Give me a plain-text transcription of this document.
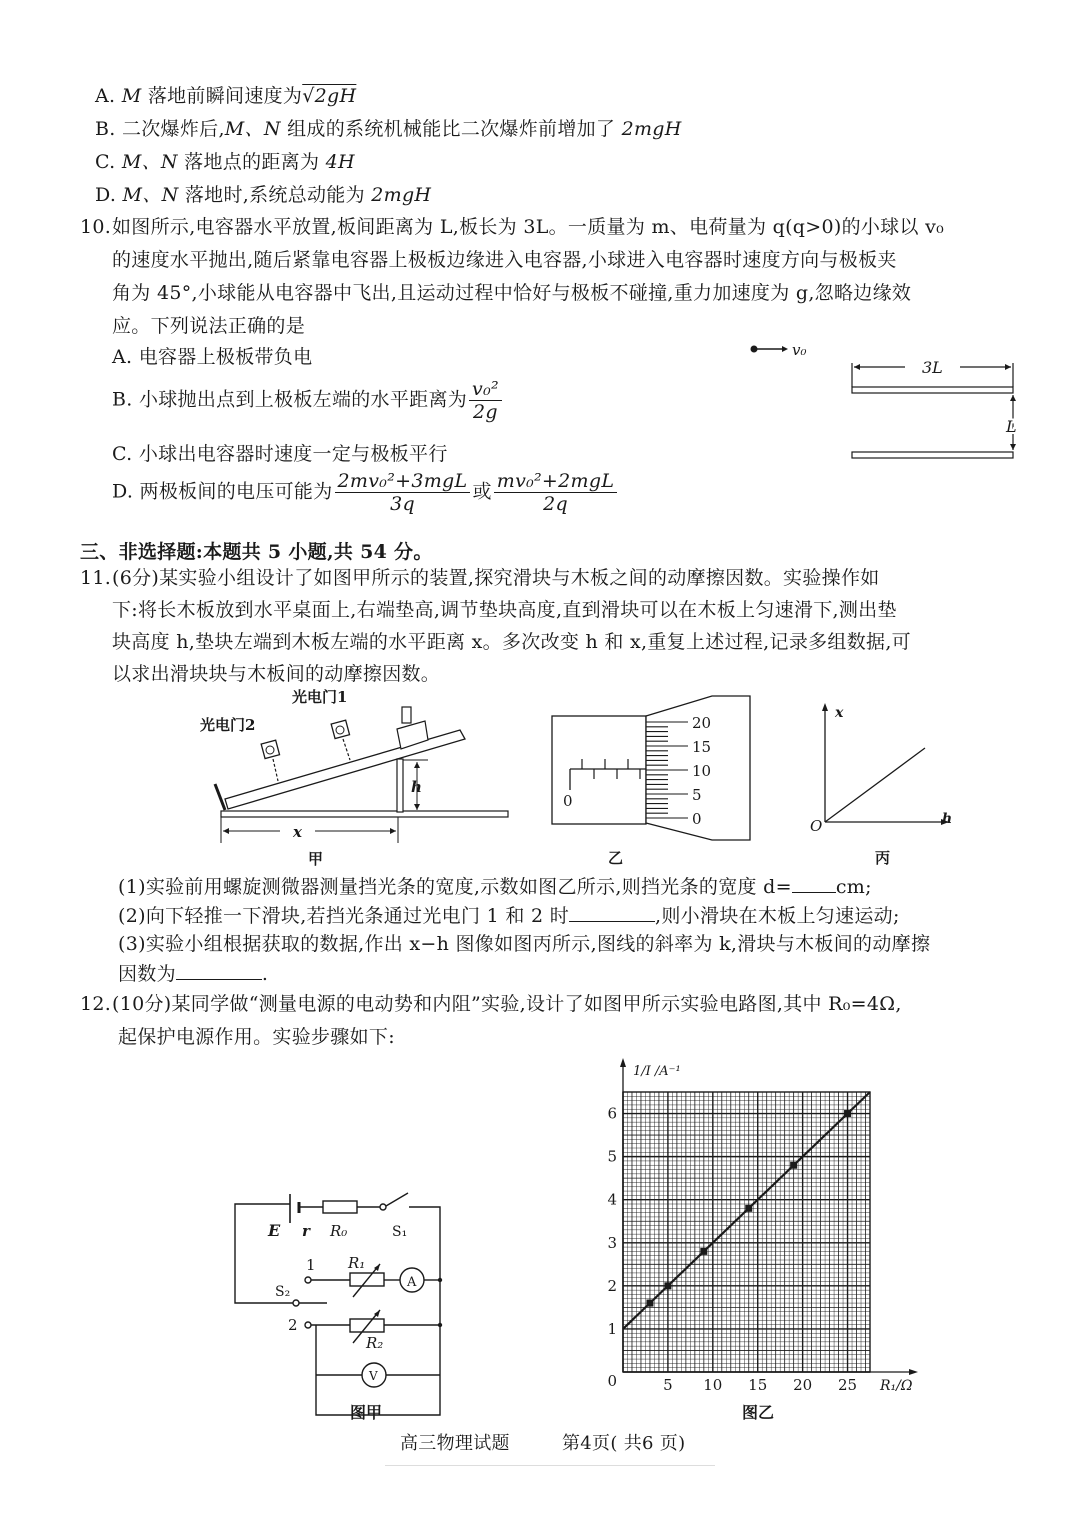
A. M 落地前瞬间速度为√2gH
B. 二次爆炸后,M、N 组成的系统机械能比二次爆炸前增加了 2mgH
C. M、N 落地点的距离为 4H
D. M、N 落地时,系统总动能为 2mgH
10. 如图所示,电容器水平放置,板间距离为 L,板长为 3L。一质量为 m、电荷量为 q(q>0)的小球以 v₀
的速度水平抛出,随后紧靠电容器上极板边缘进入电容器,小球进入电容器时速度方向与极板夹
角为 45°,小球能从电容器中飞出,且运动过程中恰好与极板不碰撞,重力加速度为 g,忽略边缘效
应。下列说法正确的是
A. 电容器上极板带负电
B. 小球抛出点到上极板左端的水平距离为 $\frac{\text{v₀²}}{2g}$
C. 小球出电容器时速度一定与极板平行
D. 两极板间的电压可能为 $\frac{\text{2mv₀²+3mgL}}{3q}$ 或 $\frac{\text{mv₀²+2mgL}}{2q}$
v₀
3L
L
三、非选择题:本题共 5 小题,共 54 分。
11. (6分)某实验小组设计了如图甲所示的装置,探究滑块与木板之间的动摩擦因数。实验操作如
下:将长木板放到水平桌面上,右端垫高,调节垫块高度,直到滑块可以在木板上匀速滑下,测出垫
块高度 h,垫块左端到木板左端的水平距离 x。多次改变 h 和 x,重复上述过程,记录多组数据,可
以求出滑块块与木板间的动摩擦因数。
光电门1
光电门2
h
x
甲
0
20
15
10
5
0
乙
x
h
O
丙
(1)实验前用螺旋测微器测量挡光条的宽度,示数如图乙所示,则挡光条的宽度 d= cm;
(2)向下轻推一下滑块,若挡光条通过光电门 1 和 2 时	,则小滑块在木板上匀速运动;
(3)实验小组根据获取的数据,作出 x−h 图像如图丙所示,图线的斜率为 k,滑块与木板间的动摩擦
因数为	.
12. (10分)某同学做“测量电源的电动势和内阻”实验,设计了如图甲所示实验电路图,其中 R₀=4Ω,
起保护电源作用。实验步骤如下:
E r R₀	S₁
S₂
R₁
R₂
A
V
1
2
图甲
5 10 15 20 25
0
1
2
3
4
5
6
1/I /A⁻¹
R₁/Ω
图乙
高三物理试题	第4页( 共6 页)
